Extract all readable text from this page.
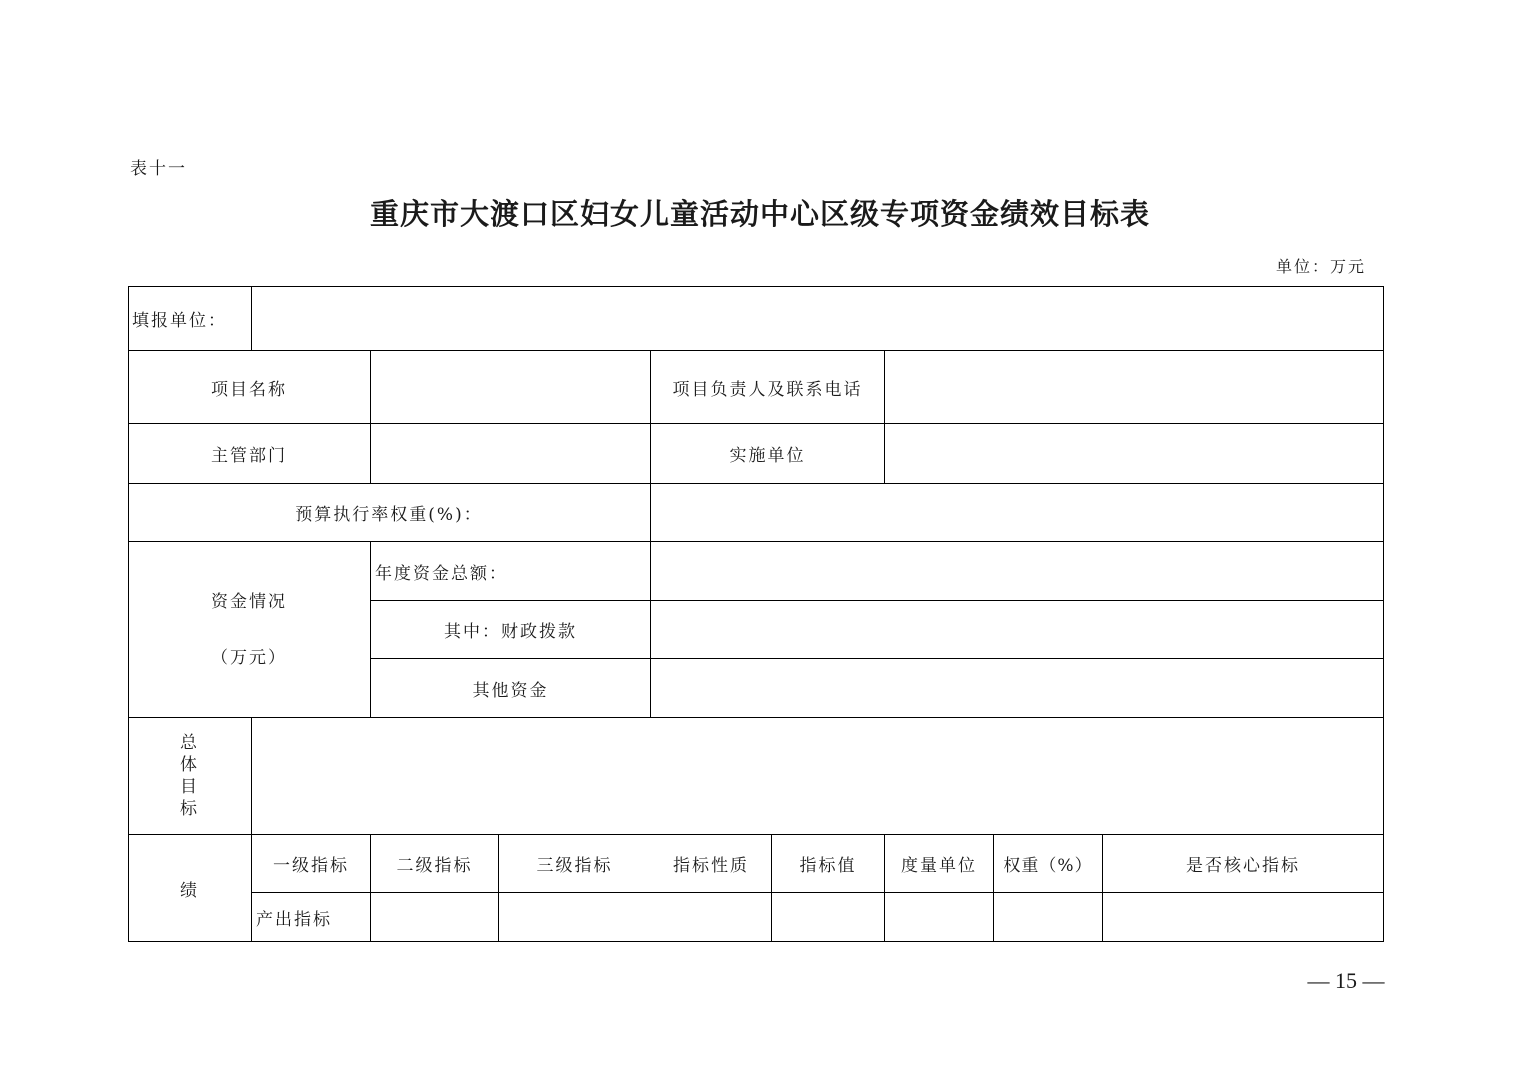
表十一
重庆市大渡口区妇女儿童活动中心区级专项资金绩效目标表
单位：万元
填报单位：
项目名称	项目负责人及联系电话
主管部门	实施单位
预算执行率权重(%)：
资金情况
（万元）
年度资金总额：
其中：财政拨款
其他资金
总
体
目
标
绩
一级指标	二级指标	三级指标	指标性质	指标值	度量单位	权重（%）	是否核心指标
产出指标
— 15 —
